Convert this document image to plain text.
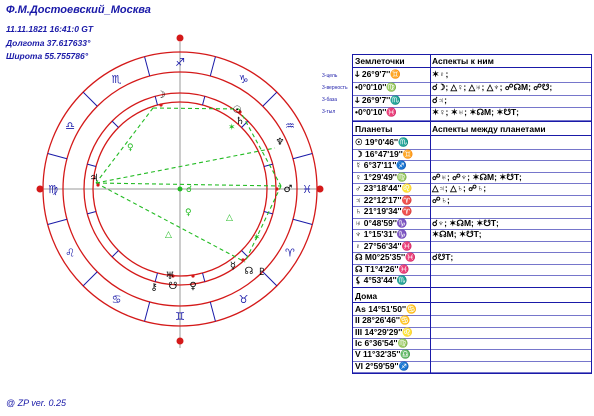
Ф.М.Достоевский_Москва
11.11.1821 16:41:0 GT
Долгота 37.617633°
Широта 55.755786°
♓
♒
♑
♐
♏
♎
♍
♌
♋
♊
♉
♈
♀
✶
☌
△
△	✶
♀
☽
♄
♃
♂
☊
☋ ♀
♅
♆
☉
☿
♇
⚷
3-цель
3-верность
3-база
3-тыл
Землеточки	Аспекты к ним
ↆ 26°9'7''♊	✶♇;
•0°0'10''♍	☌☽; △♀; △♅; △♆; ☍☊М; ☍☋;
ↆ 26°9'7''♏	☌♃;
•0°0'10''♓	✶♀; ✶♅; ✶☊М; ✶☋Т;
Планеты	Аспекты между планетами
☉ 19°0'46''♏
☽ 16°47'19''♊
☿ 6°37'11''♐
♀ 1°29'49''♍	☍♅; ☍♆; ✶☊М; ✶☋Т;
♂ 23°18'44''♌ △♃; △♄; ☍♄;
♃ 22°12'17''♈ ☍♄;
♄ 21°19'34''♈
♅ 0°48'59''♑	☌♆; ✶☊М; ✶☋Т;
♆ 1°15'31''♑	✶☊М; ✶☋Т;
♇ 27°56'34''♓
☊ М0°25'35''♓ ☌☋Т;
☊ Т1°4'26''♓
⚸ 4°53'44''♏
Дома
As 14°51'50''♋
II 28°26'46''♋
III 14°29'29''♌
Ic 6°36'54''♍
V 11°32'35''♎
VI 2°59'59''♐
@ ZP ver. 0.25
